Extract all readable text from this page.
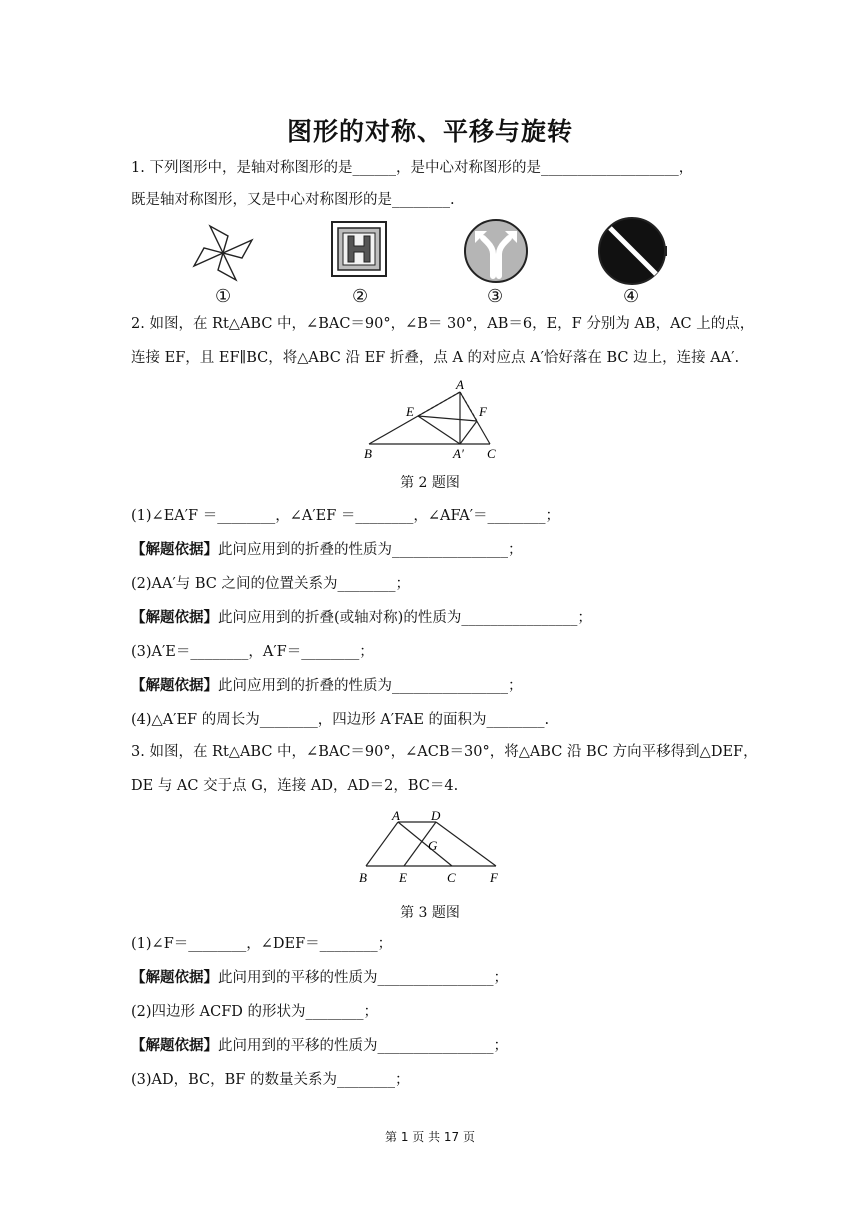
图形的对称、平移与旋转
1. 下列图形中，是轴对称图形的是______，是中心对称图形的是___________________，
既是轴对称图形，又是中心对称图形的是________.
①	②	③	④
2. 如图，在 Rt△ABC 中，∠BAC＝90°，∠B＝ 30°，AB＝6，E，F 分别为 AB，AC 上的点，
连接 EF，且 EF∥BC，将△ABC 沿 EF 折叠，点 A 的对应点 A′恰好落在 BC 边上，连接 AA′.
A
E	F
B	A′ C
第 2 题图
(1)∠EA′F ＝________，∠A′EF ＝________，∠AFA′＝________；
【解题依据】此问应用到的折叠的性质为________________；
(2)AA′与 BC 之间的位置关系为________；
【解题依据】此问应用到的折叠(或轴对称)的性质为________________；
(3)A′E＝________，A′F＝________；
【解题依据】此问应用到的折叠的性质为________________；
(4)△A′EF 的周长为________，四边形 A′FAE 的面积为________.
3. 如图，在 Rt△ABC 中，∠BAC＝90°，∠ACB＝30°，将△ABC 沿 BC 方向平移得到△DEF，
DE 与 AC 交于点 G，连接 AD，AD＝2，BC＝4.
A D
G
B E	C	F
第 3 题图
(1)∠F＝________，∠DEF＝________；
【解题依据】此问用到的平移的性质为________________；
(2)四边形 ACFD 的形状为________；
【解题依据】此问用到的平移的性质为________________；
(3)AD，BC，BF 的数量关系为________；
第 1 页 共 17 页
